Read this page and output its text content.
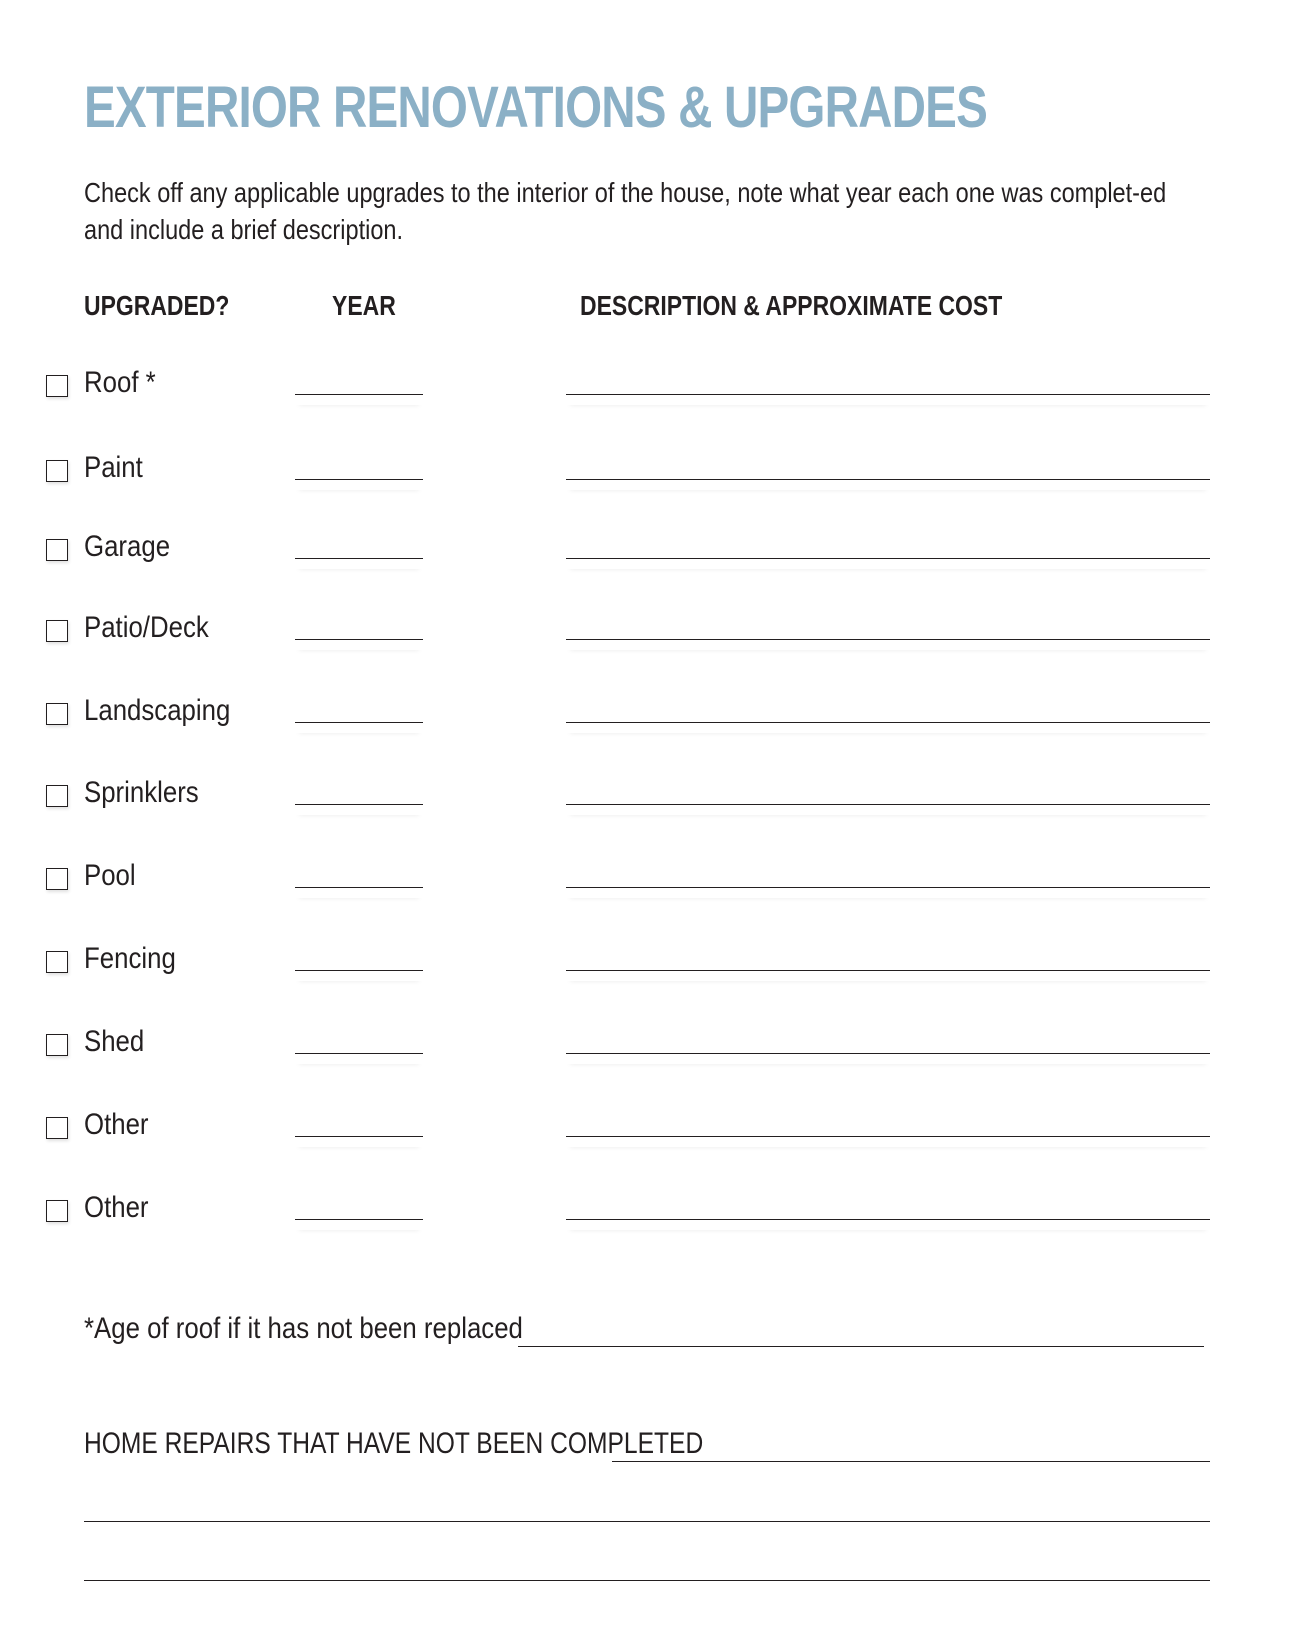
EXTERIOR RENOVATIONS & UPGRADES

Check off any applicable upgrades to the interior of the house, note what year each one was complet-ed and include a brief description.

UPGRADED?	YEAR	DESCRIPTION & APPROXIMATE COST
Roof *
Paint
Garage
Patio/Deck
Landscaping
Sprinklers
Pool
Fencing
Shed
Other
Other
*Age of roof if it has not been replaced
HOME REPAIRS THAT HAVE NOT BEEN COMPLETED
